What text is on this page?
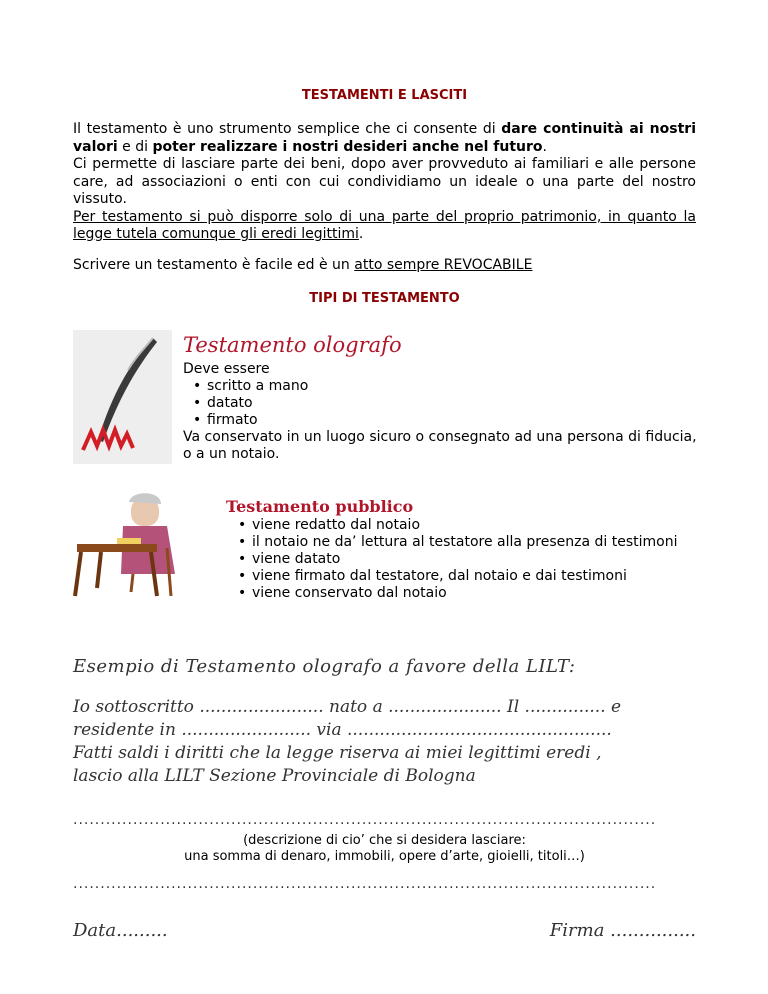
TESTAMENTI E LASCITI
Il testamento è uno strumento semplice che ci consente di dare continuità ai nostri valori e di poter realizzare i nostri desideri anche nel futuro.
Ci permette di lasciare parte dei beni, dopo aver provveduto ai familiari e alle persone care, ad associazioni o enti con cui condividiamo un ideale o una parte del nostro vissuto.
Per testamento si può disporre solo di una parte del proprio patrimonio, in quanto la legge tutela comunque gli eredi legittimi.
Scrivere un testamento è facile ed è un atto sempre REVOCABILE
TIPI DI TESTAMENTO
Testamento olografo
Deve essere
• scritto a mano
• datato
• firmato
Va conservato in un luogo sicuro o consegnato ad una persona di fiducia, o a un notaio.
Testamento pubblico
• viene redatto dal notaio
• il notaio ne da’ lettura al testatore alla presenza di testimoni
• viene datato
• viene firmato dal testatore, dal notaio e dai testimoni
• viene conservato dal notaio
Esempio di Testamento olografo a favore della LILT:
Io sottoscritto ....................... nato a ..................... Il ............... e
residente in ........................ via .................................................
Fatti saldi i diritti che la legge riserva ai miei legittimi eredi ,
lascio alla LILT Sezione Provinciale di Bologna
...........................................................................................................
(descrizione di cio’ che si desidera lasciare:
una somma di denaro, immobili, opere d’arte, gioielli, titoli…)
...........................................................................................................
Data.........	Firma ...............
